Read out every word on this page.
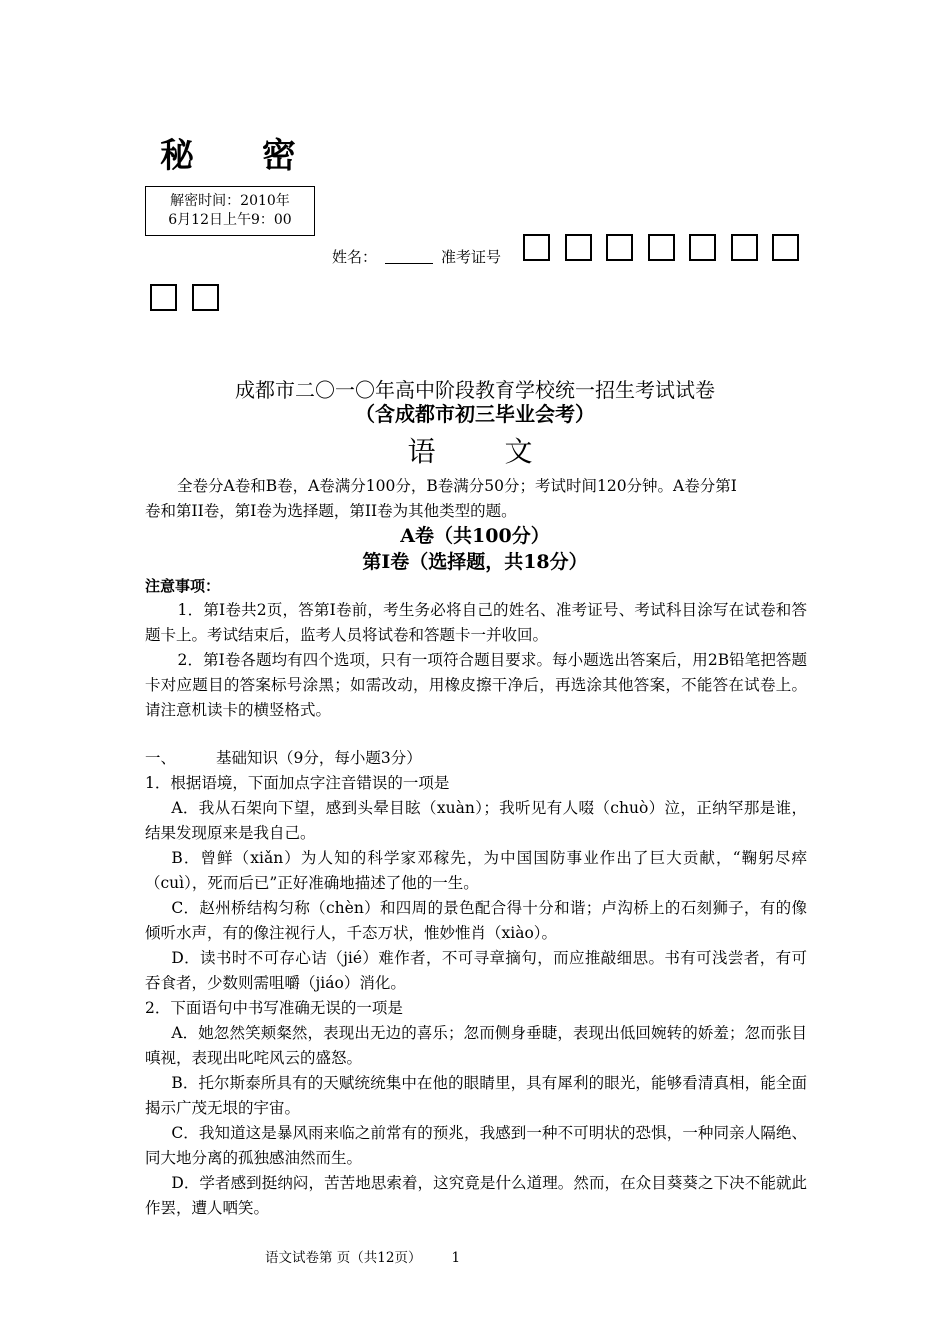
秘 密
解密时间：2010年
6月12日上午9：00
姓名：	准考证号
成都市二〇一〇年高中阶段教育学校统一招生考试试卷
（含成都市初三毕业会考）
语 文
全卷分A卷和B卷，A卷满分100分，B卷满分50分；考试时间120分钟。A卷分第I
卷和第II卷，第I卷为选择题，第II卷为其他类型的题。
A卷（共100分）
第I卷（选择题，共18分）
注意事项：
1．第I卷共2页，答第I卷前，考生务必将自己的姓名、准考证号、考试科目涂写在试卷和答题卡上。考试结束后，监考人员将试卷和答题卡一并收回。
2．第I卷各题均有四个选项，只有一项符合题目要求。每小题选出答案后，用2B铅笔把答题卡对应题目的答案标号涂黑；如需改动，用橡皮擦干净后，再选涂其他答案，不能答在试卷上。请注意机读卡的横竖格式。
一、	基础知识（9分，每小题3分）
1．根据语境，下面加点字注音错误的一项是
A．我从石架向下望，感到头晕目眩（xuàn）；我听见有人啜（chuò）泣，正纳罕那是谁，结果发现原来是我自己。
B．曾鲜（xiǎn）为人知的科学家邓稼先，为中国国防事业作出了巨大贡献，“鞠躬尽瘁（cuì），死而后已”正好准确地描述了他的一生。
C．赵州桥结构匀称（chèn）和四周的景色配合得十分和谐；卢沟桥上的石刻狮子，有的像倾听水声，有的像注视行人，千态万状，惟妙惟肖（xiào）。
D．读书时不可存心诘（jié）难作者，不可寻章摘句，而应推敲细思。书有可浅尝者，有可吞食者，少数则需咀嚼（jiáo）消化。
2．下面语句中书写准确无误的一项是
A．她忽然笑颊粲然，表现出无边的喜乐；忽而侧身垂睫，表现出低回婉转的娇羞；忽而张目嗔视，表现出叱咤风云的盛怒。
B．托尔斯泰所具有的天赋统统集中在他的眼睛里，具有犀利的眼光，能够看清真相，能全面揭示广茂无垠的宇宙。
C．我知道这是暴风雨来临之前常有的预兆，我感到一种不可明状的恐惧，一种同亲人隔绝、同大地分离的孤独感油然而生。
D．学者感到挺纳闷，苦苦地思索着，这究竟是什么道理。然而，在众目葵葵之下决不能就此作罢，遭人哂笑。
语文试卷第 页（共12页） 1
